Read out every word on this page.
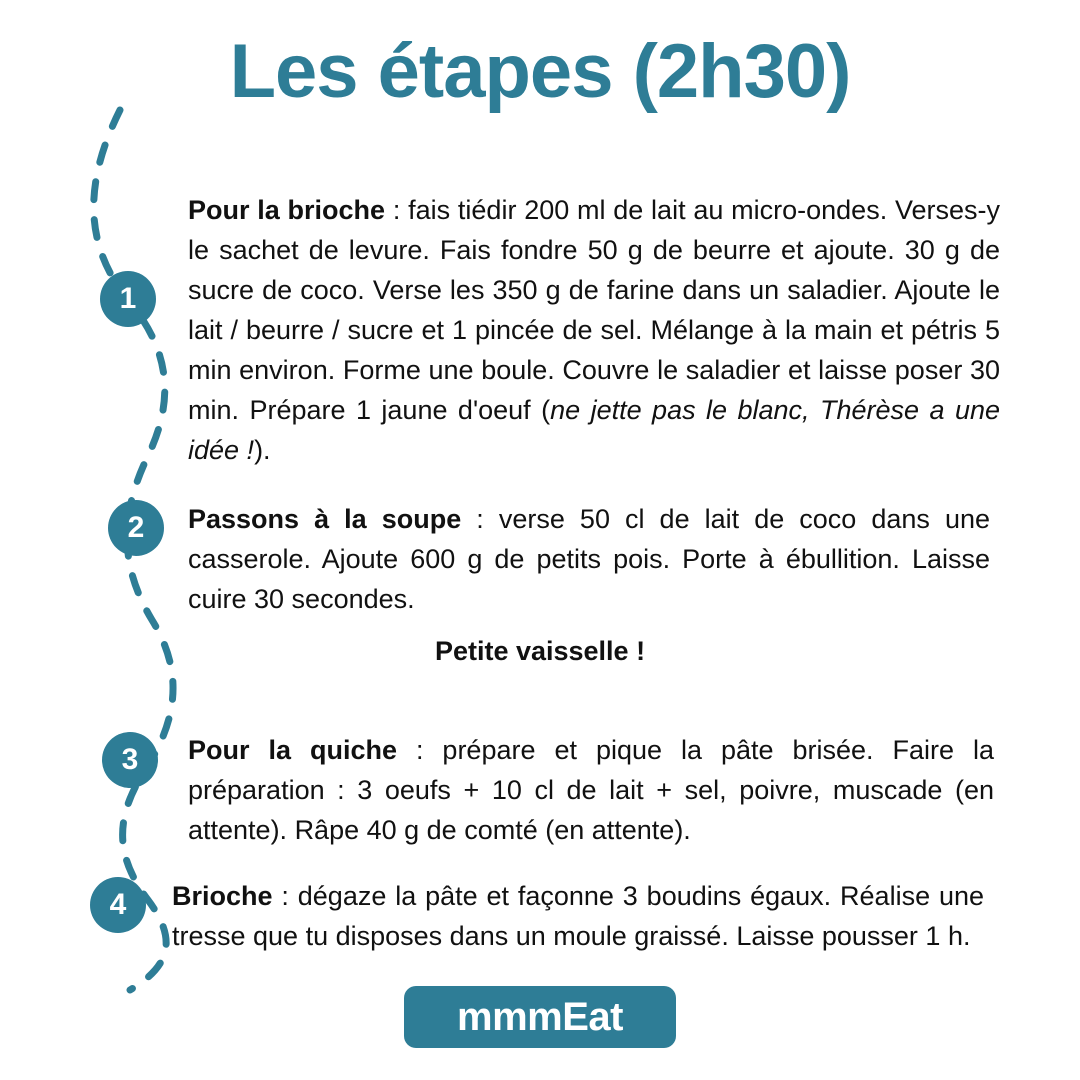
Les étapes (2h30)
1
2
3
4

Pour la brioche : fais tiédir 200 ml de lait au micro-ondes. Verses-y le sachet de levure. Fais fondre 50 g de beurre et ajoute. 30 g de sucre de coco. Verse les 350 g de farine dans un saladier. Ajoute le lait / beurre / sucre et 1 pincée de sel. Mélange à la main et pétris 5 min environ. Forme une boule. Couvre le saladier et laisse poser 30 min. Prépare 1 jaune d'oeuf (ne jette pas le blanc, Thérèse a une idée !).

Passons à la soupe : verse 50 cl de lait de coco dans une casserole. Ajoute 600 g de petits pois. Porte à ébullition. Laisse cuire 30 secondes.

Petite vaisselle !

Pour la quiche : prépare et pique la pâte brisée. Faire la préparation : 3 oeufs + 10 cl de lait + sel, poivre, muscade (en attente). Râpe 40 g de comté (en attente).

Brioche : dégaze la pâte et façonne 3 boudins égaux. Réalise une tresse que tu disposes dans un moule graissé. Laisse pousser 1 h.

mmmEat
